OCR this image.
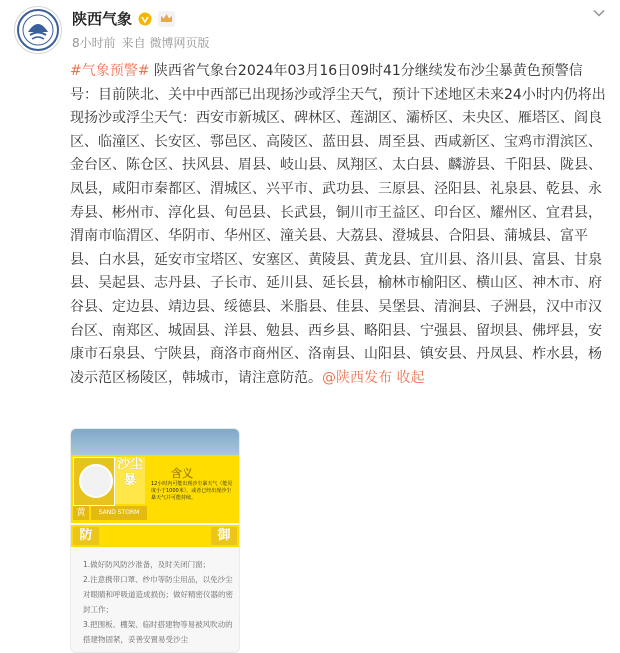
陕西气象
8小时前 来自 微博网页版
#气象预警# 陕西省气象台2024年03月16日09时41分继续发布沙尘暴黄色预警信号：目前陕北、关中中西部已出现扬沙或浮尘天气，预计下述地区未来24小时内仍将出现扬沙或浮尘天气：西安市新城区、碑林区、莲湖区、灞桥区、未央区、雁塔区、阎良区、临潼区、长安区、鄠邑区、高陵区、蓝田县、周至县、西咸新区、宝鸡市渭滨区、金台区、陈仓区、扶风县、眉县、岐山县、凤翔区、太白县、麟游县、千阳县、陇县、凤县，咸阳市秦都区、渭城区、兴平市、武功县、三原县、泾阳县、礼泉县、乾县、永寿县、彬州市、淳化县、旬邑县、长武县，铜川市王益区、印台区、耀州区、宜君县，渭南市临渭区、华阴市、华州区、潼关县、大荔县、澄城县、合阳县、蒲城县、富平县、白水县，延安市宝塔区、安塞区、黄陵县、黄龙县、宜川县、洛川县、富县、甘泉县、吴起县、志丹县、子长市、延川县、延长县，榆林市榆阳区、横山区、神木市、府谷县、定边县、靖边县、绥德县、米脂县、佳县、吴堡县、清涧县、子洲县，汉中市汉台区、南郑区、城固县、洋县、勉县、西乡县、略阳县、宁强县、留坝县、佛坪县，安康市石泉县、宁陕县，商洛市商州区、洛南县、山阳县、镇安县、丹凤县、柞水县，杨凌示范区杨陵区，韩城市，请注意防范。@陕西发布 收起
沙尘暴
黄	SAND STORM
含义
12小时内可能出现沙尘暴天气（能见度小于1000米），或者已经出现沙尘暴天气并可能持续。
防	御

1.做好防风防沙准备，及时关闭门窗；

2.注意携带口罩、纱巾等防尘用品，以免沙尘对眼睛和呼吸道造成损伤；做好精密仪器的密封工作；

3.把围板、棚架、临时搭建物等易被风吹动的搭建物固紧，妥善安置易受沙尘
